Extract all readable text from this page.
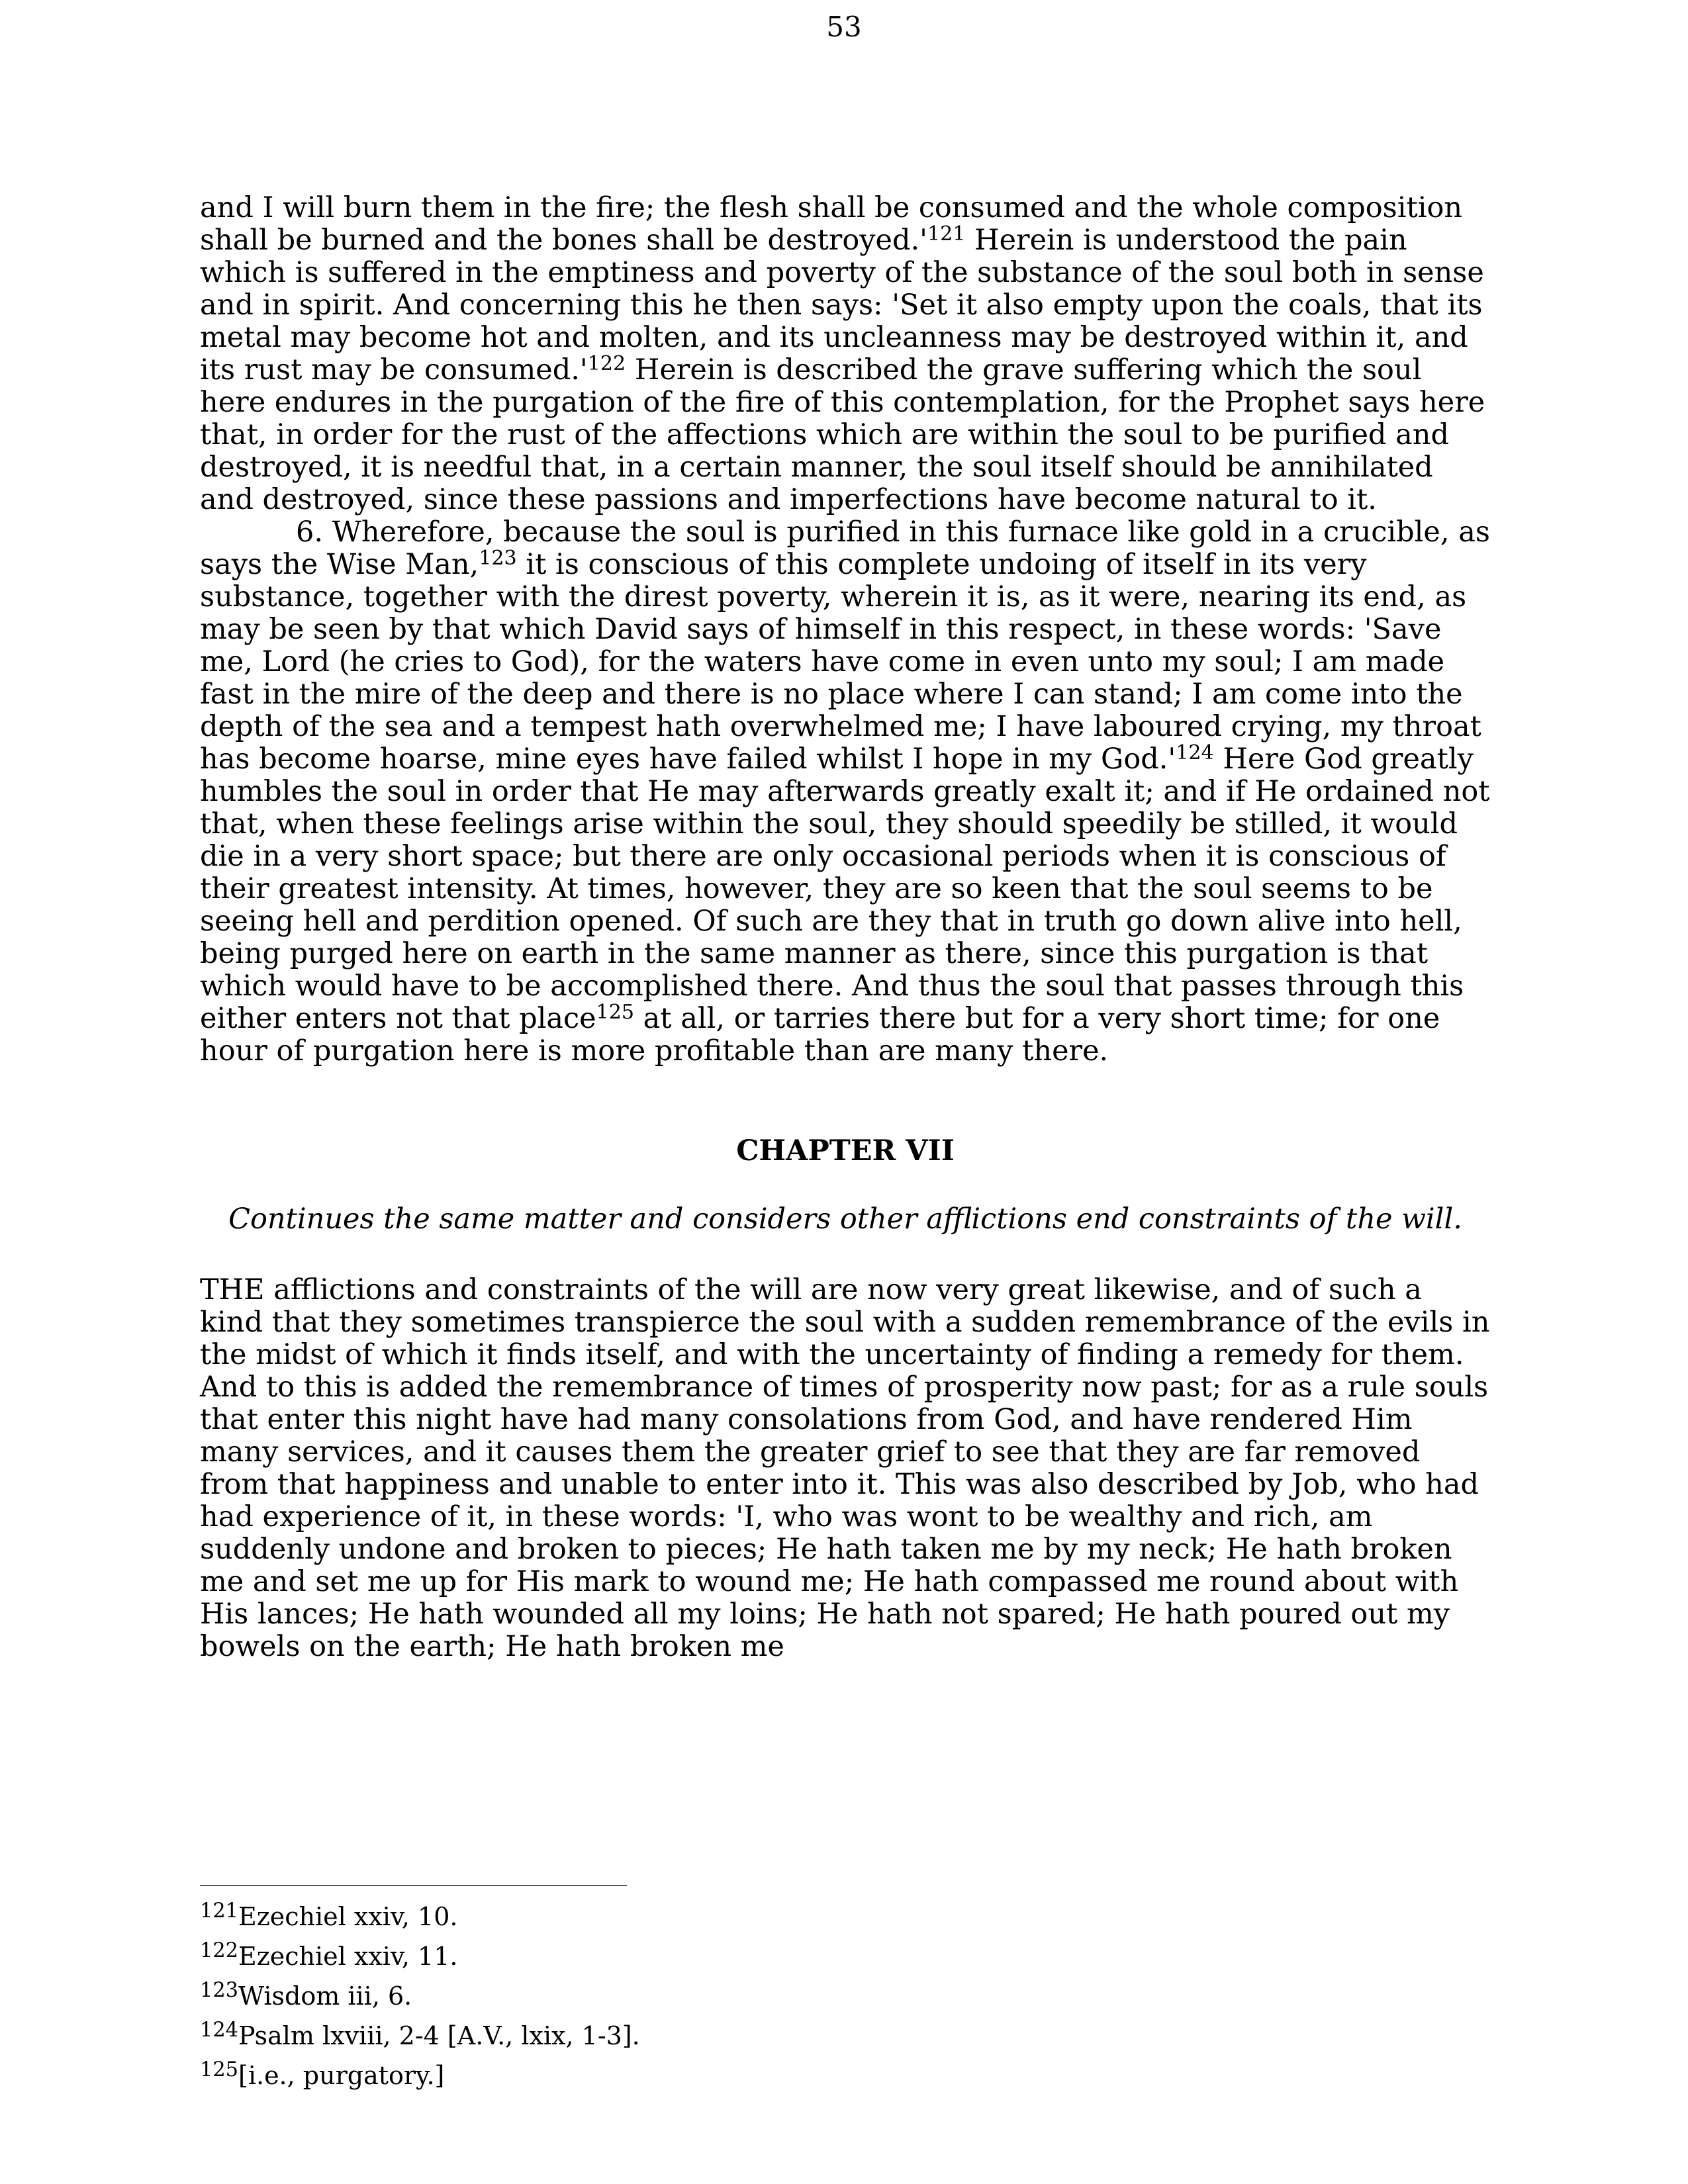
53

and I will burn them in the fire; the flesh shall be consumed and the whole composition shall be burned and the bones shall be destroyed.'$^{121}$ Herein is understood the pain which is suffered in the emptiness and poverty of the substance of the soul both in sense and in spirit. And concerning this he then says: 'Set it also empty upon the coals, that its metal may become hot and molten, and its uncleanness may be destroyed within it, and its rust may be consumed.'$^{122}$ Herein is described the grave suffering which the soul here endures in the purgation of the fire of this contemplation, for the Prophet says here that, in order for the rust of the affections which are within the soul to be purified and destroyed, it is needful that, in a certain manner, the soul itself should be annihilated and destroyed, since these passions and imperfections have become natural to it.

6. Wherefore, because the soul is purified in this furnace like gold in a crucible, as says the Wise Man,$^{123}$ it is conscious of this complete undoing of itself in its very substance, together with the direst poverty, wherein it is, as it were, nearing its end, as may be seen by that which David says of himself in this respect, in these words: 'Save me, Lord (he cries to God), for the waters have come in even unto my soul; I am made fast in the mire of the deep and there is no place where I can stand; I am come into the depth of the sea and a tempest hath overwhelmed me; I have laboured crying, my throat has become hoarse, mine eyes have failed whilst I hope in my God.'$^{124}$ Here God greatly humbles the soul in order that He may afterwards greatly exalt it; and if He ordained not that, when these feelings arise within the soul, they should speedily be stilled, it would die in a very short space; but there are only occasional periods when it is conscious of their greatest intensity. At times, however, they are so keen that the soul seems to be seeing hell and perdition opened. Of such are they that in truth go down alive into hell, being purged here on earth in the same manner as there, since this purgation is that which would have to be accomplished there. And thus the soul that passes through this either enters not that place$^{125}$ at all, or tarries there but for a very short time; for one hour of purgation here is more profitable than are many there.

CHAPTER VII
Continues the same matter and considers other afflictions end constraints of the will.

THE afflictions and constraints of the will are now very great likewise, and of such a kind that they sometimes transpierce the soul with a sudden remembrance of the evils in the midst of which it finds itself, and with the uncertainty of finding a remedy for them. And to this is added the remembrance of times of prosperity now past; for as a rule souls that enter this night have had many consolations from God, and have rendered Him many services, and it causes them the greater grief to see that they are far removed from that happiness and unable to enter into it. This was also described by Job, who had had experience of it, in these words: 'I, who was wont to be wealthy and rich, am suddenly undone and broken to pieces; He hath taken me by my neck; He hath broken me and set me up for His mark to wound me; He hath compassed me round about with His lances; He hath wounded all my loins; He hath not spared; He hath poured out my bowels on the earth; He hath broken me

$^{121}$Ezechiel xxiv, 10.
$^{122}$Ezechiel xxiv, 11.
$^{123}$Wisdom iii, 6.
$^{124}$Psalm lxviii, 2-4 [A.V., lxix, 1-3].
$^{125}$[i.e., purgatory.]
